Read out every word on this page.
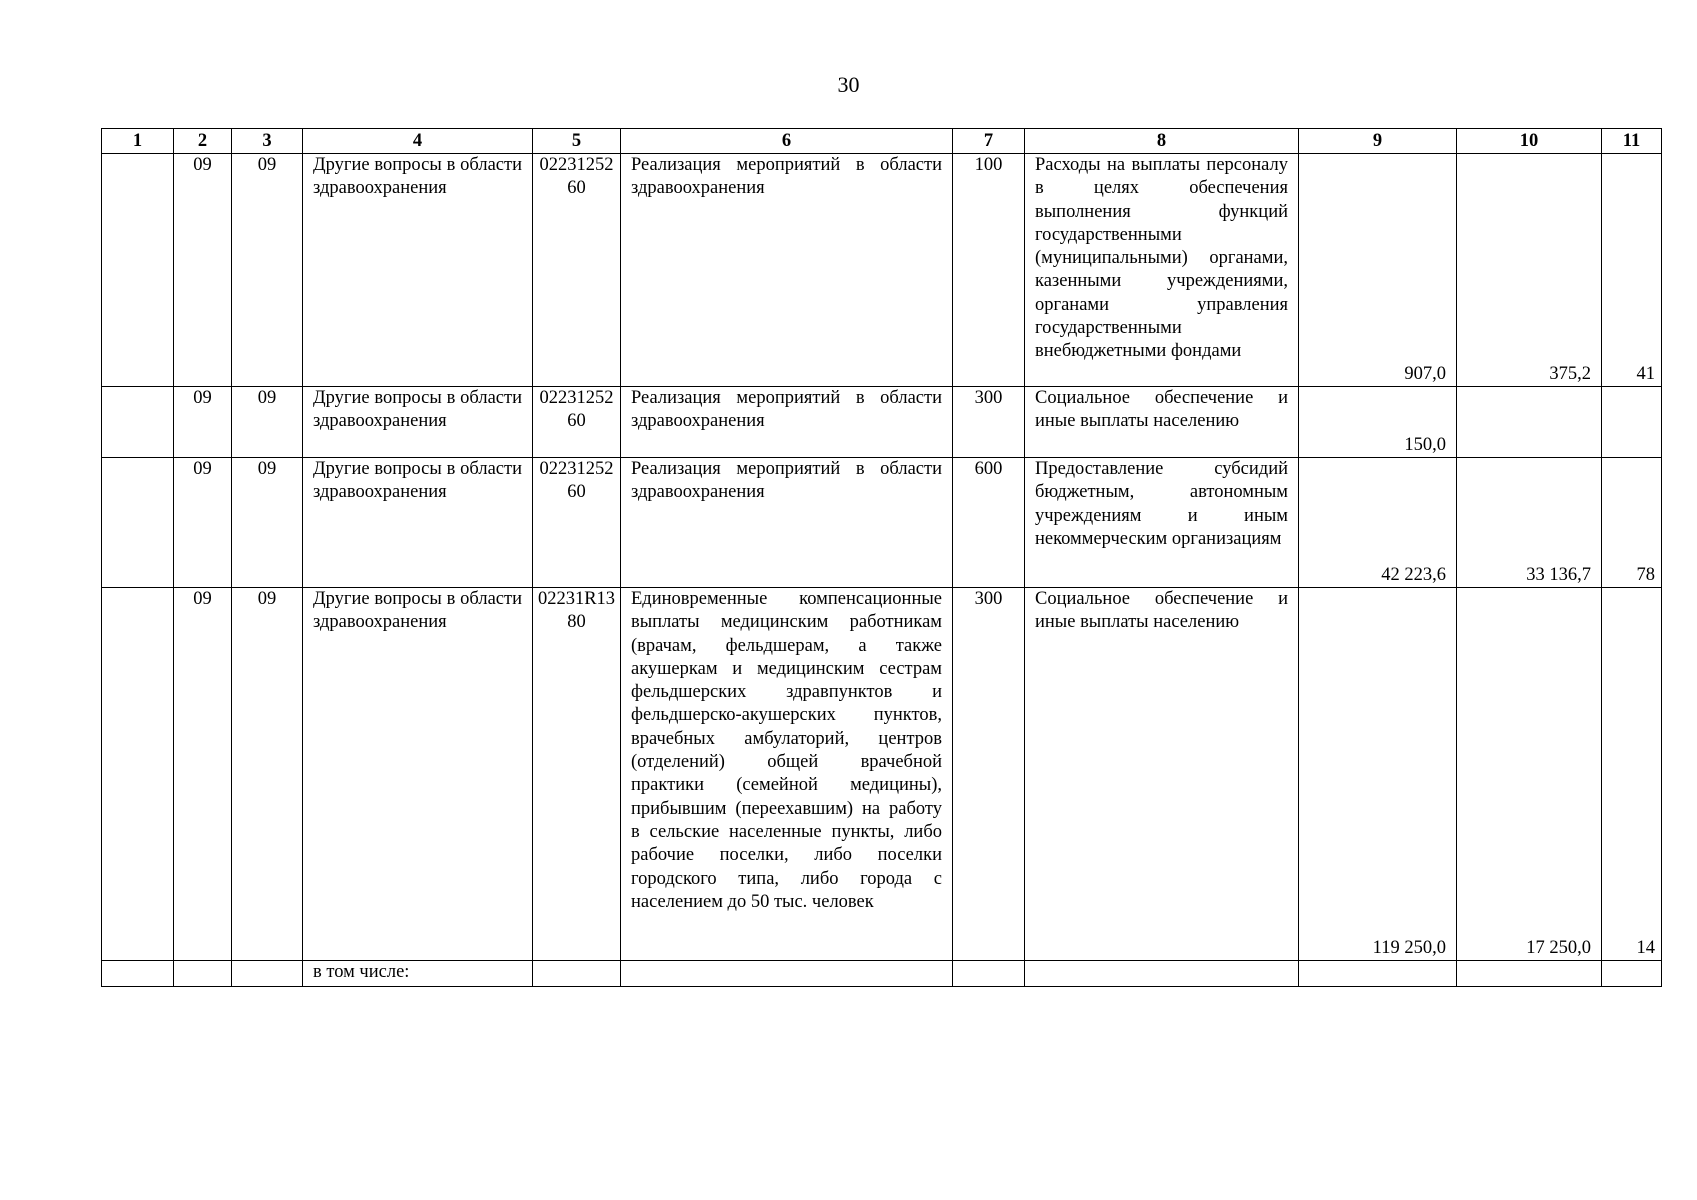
30
1	2	3	4	5	6	7	8	9	10	11
	09	09	Другие вопросы в области здравоохранения	0223125260	Реализация мероприятий в области здравоохранения	100	Расходы на выплаты персоналу в целях обеспечения выполнения функций государственными (муниципальными) органами, казенными учреждениями, органами управления государственными внебюджетными фондами	907,0	375,2	41
	09	09	Другие вопросы в области здравоохранения	0223125260	Реализация мероприятий в области здравоохранения	300	Социальное обеспечение и иные выплаты населению	150,0		
	09	09	Другие вопросы в области здравоохранения	0223125260	Реализация мероприятий в области здравоохранения	600	Предоставление субсидий бюджетным, автономным учреждениям и иным некоммерческим организациям	42 223,6	33 136,7	78
	09	09	Другие вопросы в области здравоохранения	02231R1380	Единовременные компенсационные выплаты медицинским работникам (врачам, фельдшерам, а также акушеркам и медицинским сестрам фельдшерских здравпунктов и фельдшерско-акушерских пунктов, врачебных амбулаторий, центров (отделений) общей врачебной практики (семейной медицины), прибывшим (переехавшим) на работу в сельские населенные пункты, либо рабочие поселки, либо поселки городского типа, либо города с населением до 50 тыс. человек	300	Социальное обеспечение и иные выплаты населению	119 250,0	17 250,0	14
			в том числе:							
